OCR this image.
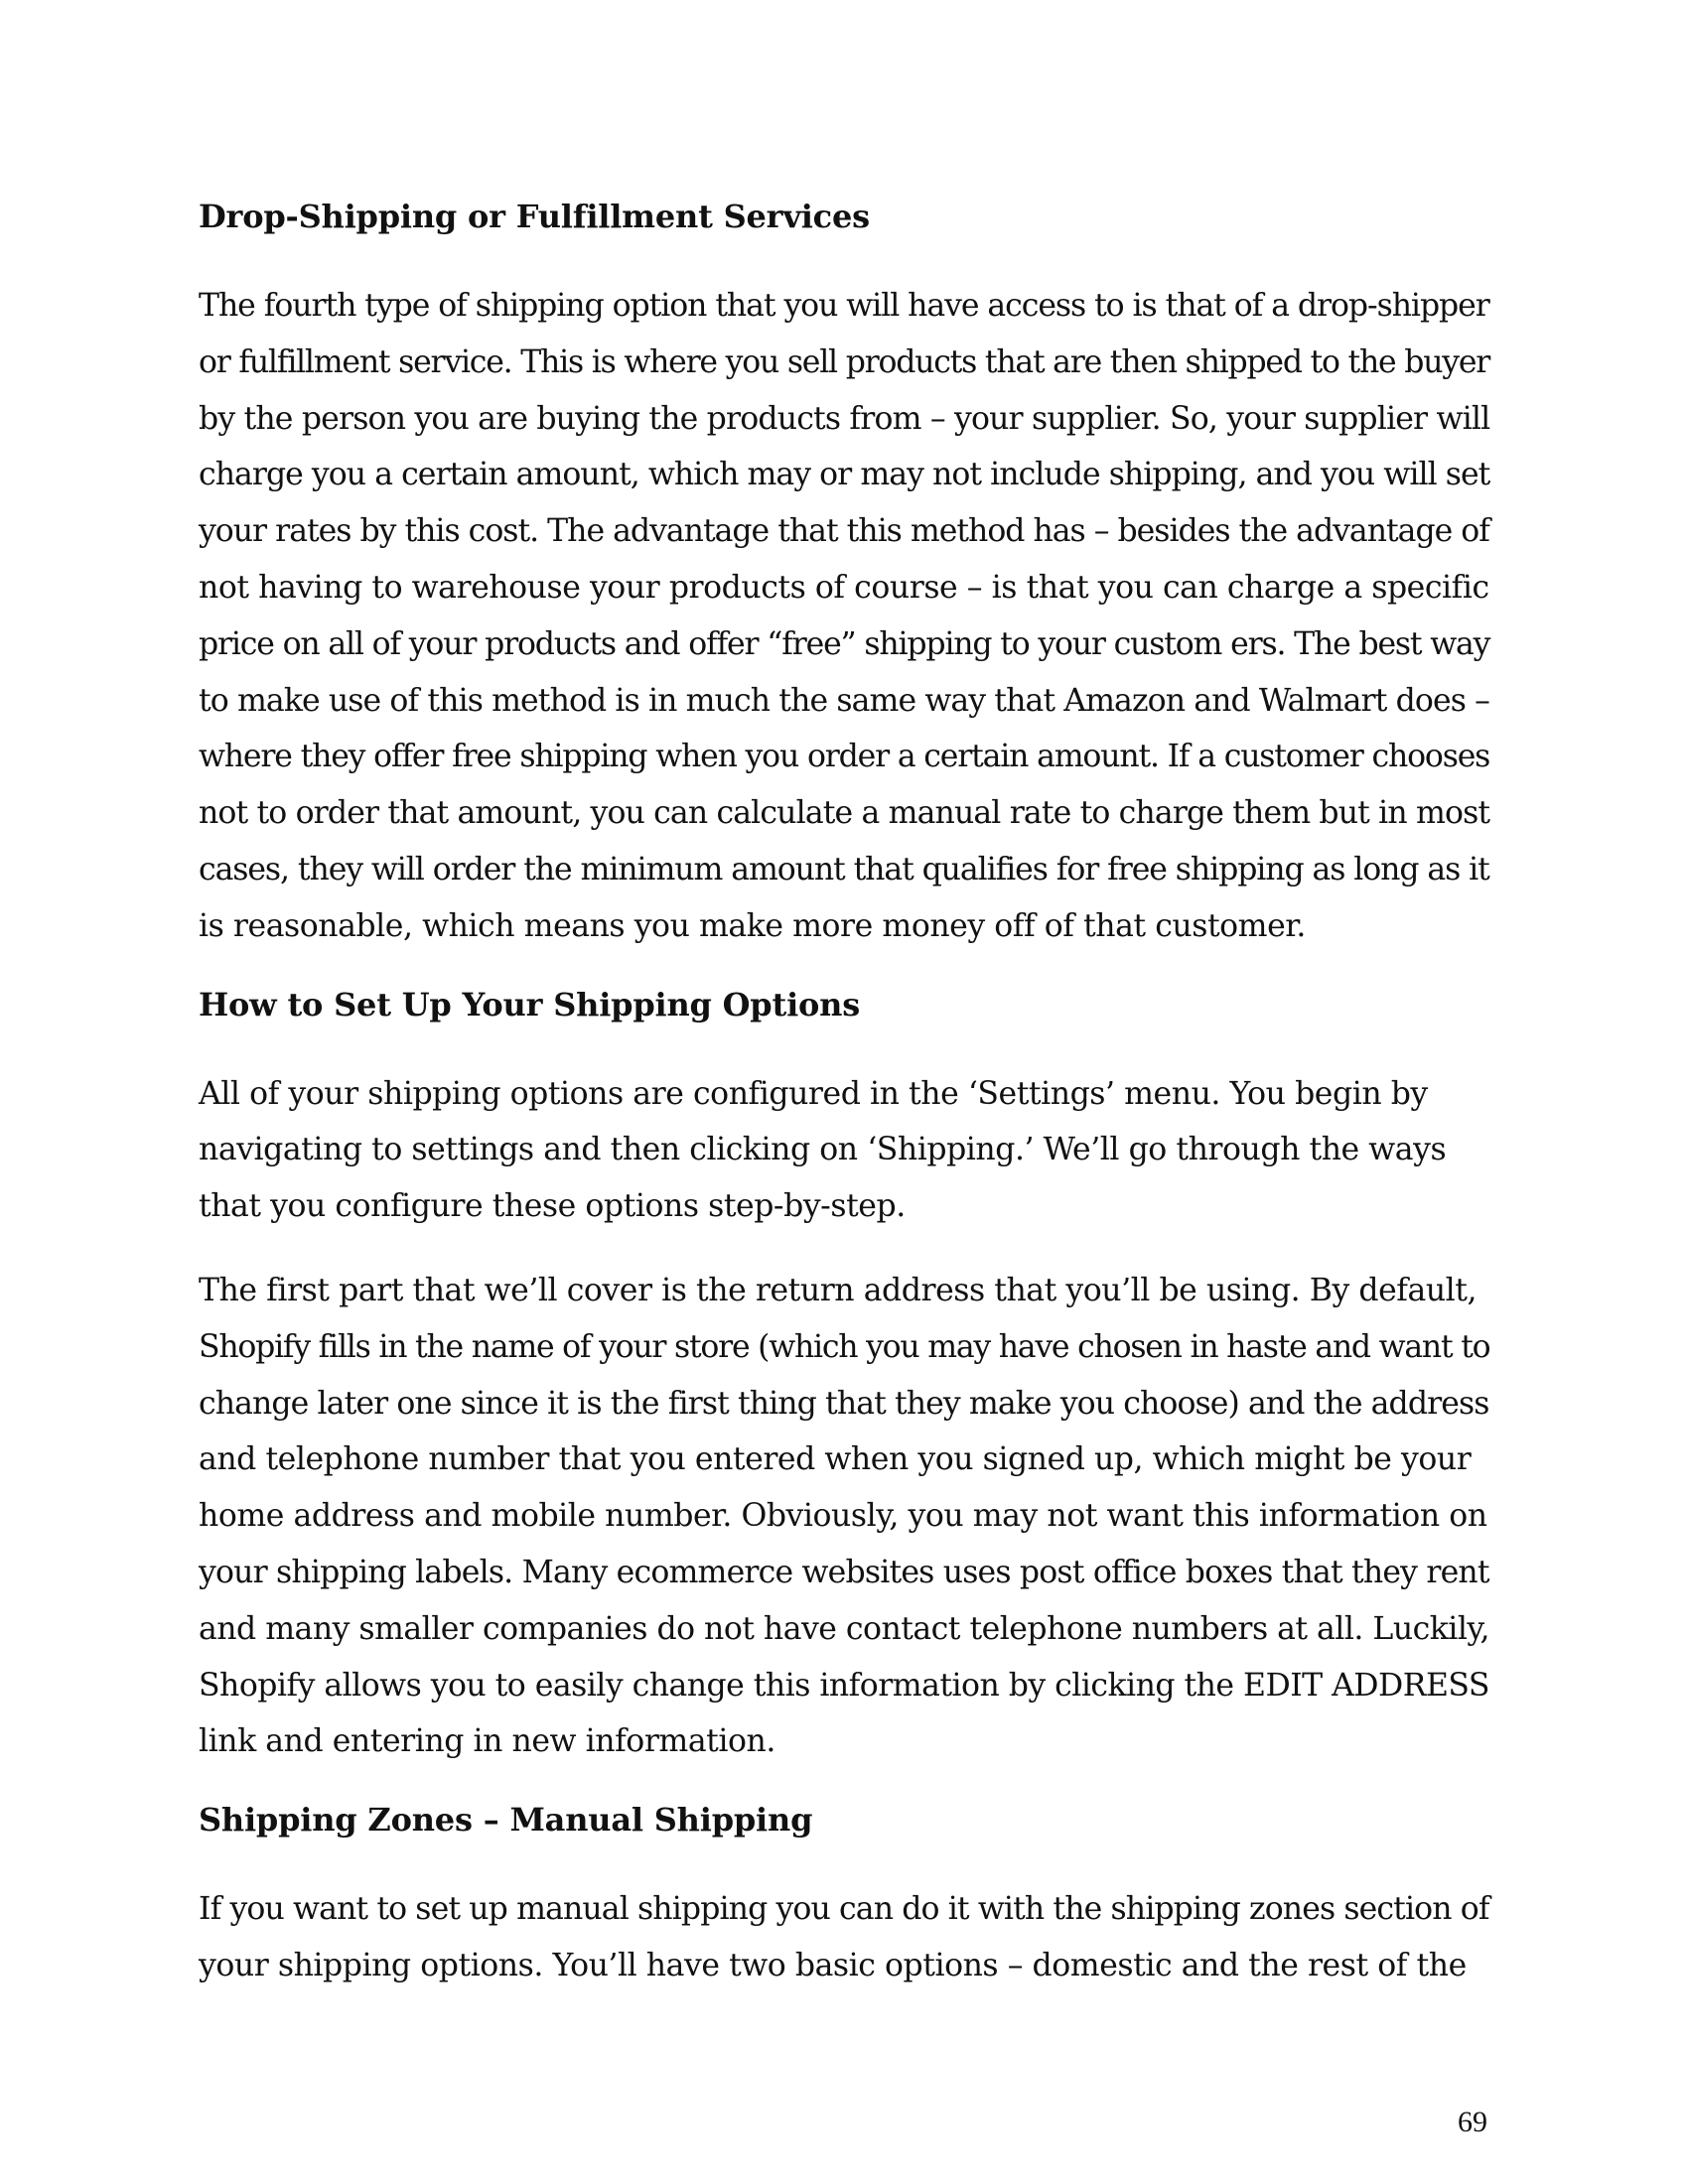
Drop-Shipping or Fulfillment Services
The fourth type of shipping option that you will have access to is that of a drop-shipper
or fulfillment service. This is where you sell products that are then shipped to the buyer
by the person you are buying the products from – your supplier. So, your supplier will
charge you a certain amount, which may or may not include shipping, and you will set
your rates by this cost. The advantage that this method has – besides the advantage of
not having to warehouse your products of course – is that you can charge a specific
price on all of your products and offer “free” shipping to your custom ers. The best way
to make use of this method is in much the same way that Amazon and Walmart does –
where they offer free shipping when you order a certain amount. If a customer chooses
not to order that amount, you can calculate a manual rate to charge them but in most
cases, they will order the minimum amount that qualifies for free shipping as long as it
is reasonable, which means you make more money off of that customer.
How to Set Up Your Shipping Options
All of your shipping options are configured in the ‘Settings’ menu. You begin by
navigating to settings and then clicking on ‘Shipping.’ We’ll go through the ways
that you configure these options step-by-step.
The first part that we’ll cover is the return address that you’ll be using. By default,
Shopify fills in the name of your store (which you may have chosen in haste and want to
change later one since it is the first thing that they make you choose) and the address
and telephone number that you entered when you signed up, which might be your
home address and mobile number. Obviously, you may not want this information on
your shipping labels. Many ecommerce websites uses post office boxes that they rent
and many smaller companies do not have contact telephone numbers at all. Luckily,
Shopify allows you to easily change this information by clicking the EDIT ADDRESS
link and entering in new information.
Shipping Zones – Manual Shipping
If you want to set up manual shipping you can do it with the shipping zones section of
your shipping options. You’ll have two basic options – domestic and the rest of the
69
